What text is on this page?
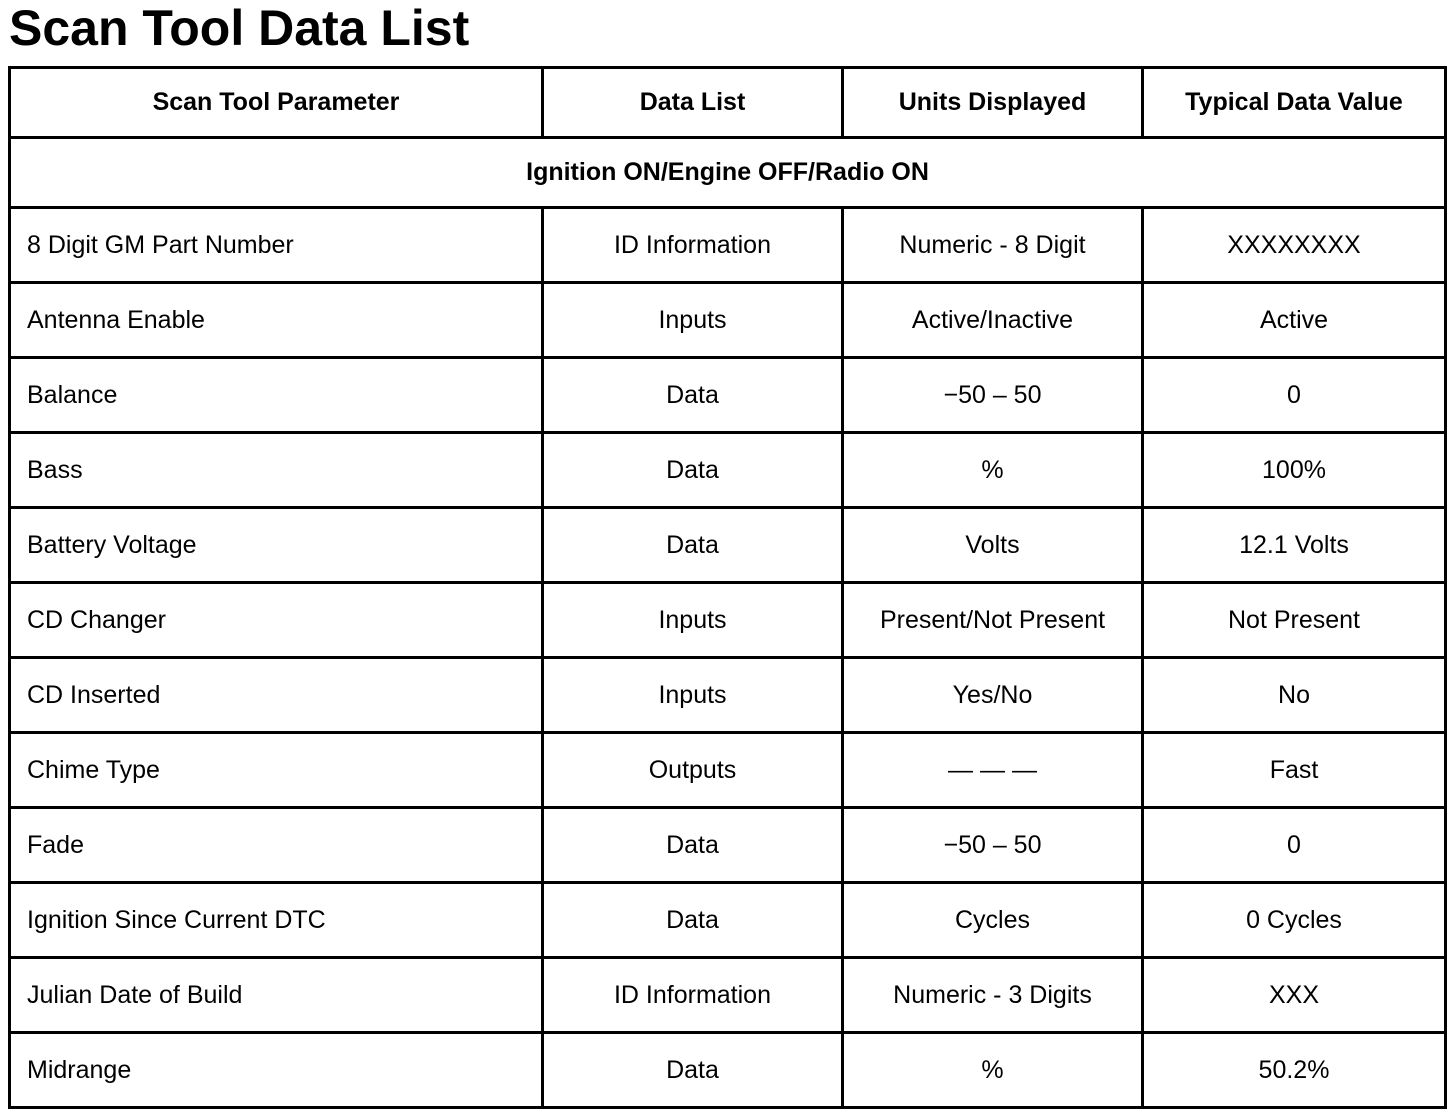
Scan Tool Data List
Scan Tool Parameter	Data List	Units Displayed	Typical Data Value
Ignition ON/Engine OFF/Radio ON			
8 Digit GM Part Number	ID Information	Numeric - 8 Digit	XXXXXXXX
Antenna Enable	Inputs	Active/Inactive	Active
Balance	Data	−50 – 50	0
Bass	Data	%	100%
Battery Voltage	Data	Volts	12.1 Volts
CD Changer	Inputs	Present/Not Present	Not Present
CD Inserted	Inputs	Yes/No	No
Chime Type	Outputs	— — —	Fast
Fade	Data	−50 – 50	0
Ignition Since Current DTC	Data	Cycles	0 Cycles
Julian Date of Build	ID Information	Numeric - 3 Digits	XXX
Midrange	Data	%	50.2%
